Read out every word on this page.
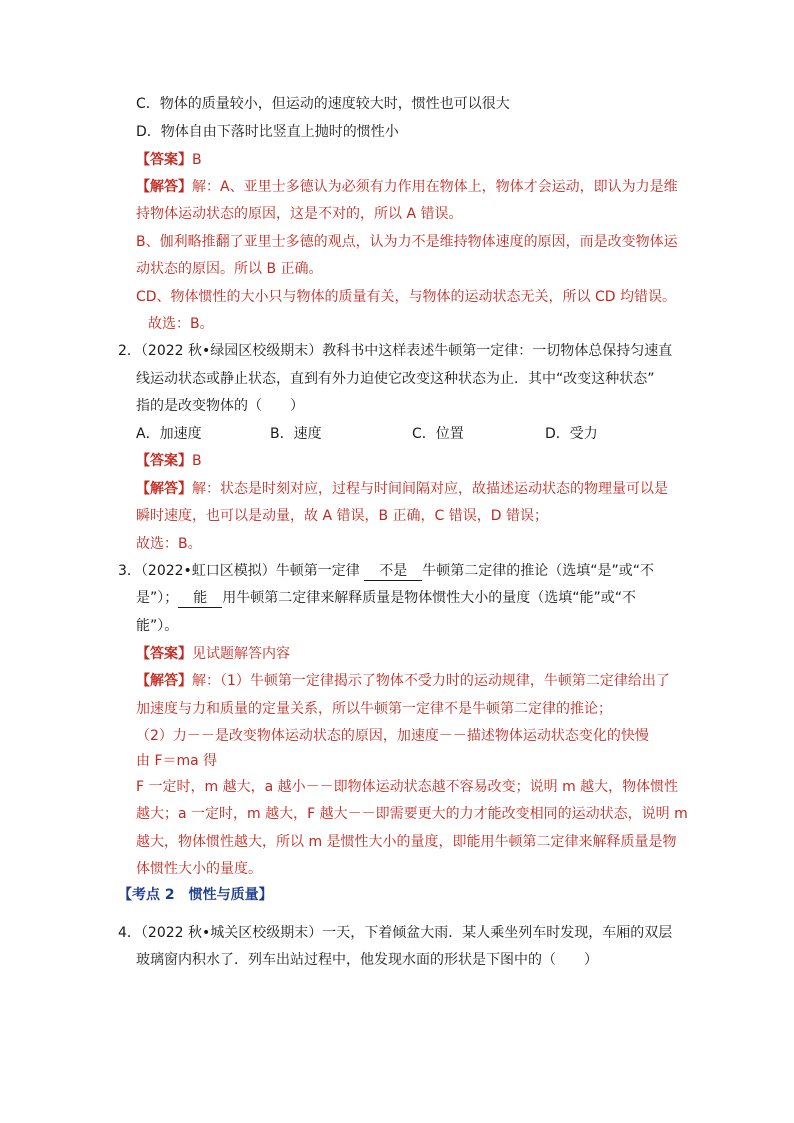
C．物体的质量较小，但运动的速度较大时，惯性也可以很大
D．物体自由下落时比竖直上抛时的惯性小
【答案】B
【解答】解：A、亚里士多德认为必须有力作用在物体上，物体才会运动，即认为力是维
持物体运动状态的原因，这是不对的，所以 A 错误。
B、伽利略推翻了亚里士多德的观点，认为力不是维持物体速度的原因，而是改变物体运
动状态的原因。所以 B 正确。
CD、物体惯性的大小只与物体的质量有关，与物体的运动状态无关，所以 CD 均错误。
故选：B。
2．（2022 秋•绿园区校级期末）教科书中这样表述牛顿第一定律：一切物体总保持匀速直
线运动状态或静止状态，直到有外力迫使它改变这种状态为止．其中“改变这种状态”
指的是改变物体的（　　）
A．加速度	B．速度	C．位置	D．受力
【答案】B
【解答】解：状态是时刻对应，过程与时间间隔对应，故描述运动状态的物理量可以是
瞬时速度，也可以是动量，故 A 错误，B 正确，C 错误，D 错误；
故选：B。
3．（2022•虹口区模拟）牛顿第一定律 不是 牛顿第二定律的推论（选填“是”或“不
是”）； 能 用牛顿第二定律来解释质量是物体惯性大小的量度（选填“能”或“不
能”）。
【答案】见试题解答内容
【解答】解：（1）牛顿第一定律揭示了物体不受力时的运动规律，牛顿第二定律给出了
加速度与力和质量的定量关系，所以牛顿第一定律不是牛顿第二定律的推论；
（2）力－－是改变物体运动状态的原因，加速度－－描述物体运动状态变化的快慢
由 F＝ma 得
F 一定时，m 越大，a 越小－－即物体运动状态越不容易改变；说明 m 越大，物体惯性
越大；a 一定时，m 越大，F 越大－－即需要更大的力才能改变相同的运动状态，说明 m
越大，物体惯性越大，所以 m 是惯性大小的量度，即能用牛顿第二定律来解释质量是物
体惯性大小的量度。
【考点 2　惯性与质量】
4．（2022 秋•城关区校级期末）一天，下着倾盆大雨．某人乘坐列车时发现，车厢的双层
玻璃窗内积水了．列车出站过程中，他发现水面的形状是下图中的（　　）
